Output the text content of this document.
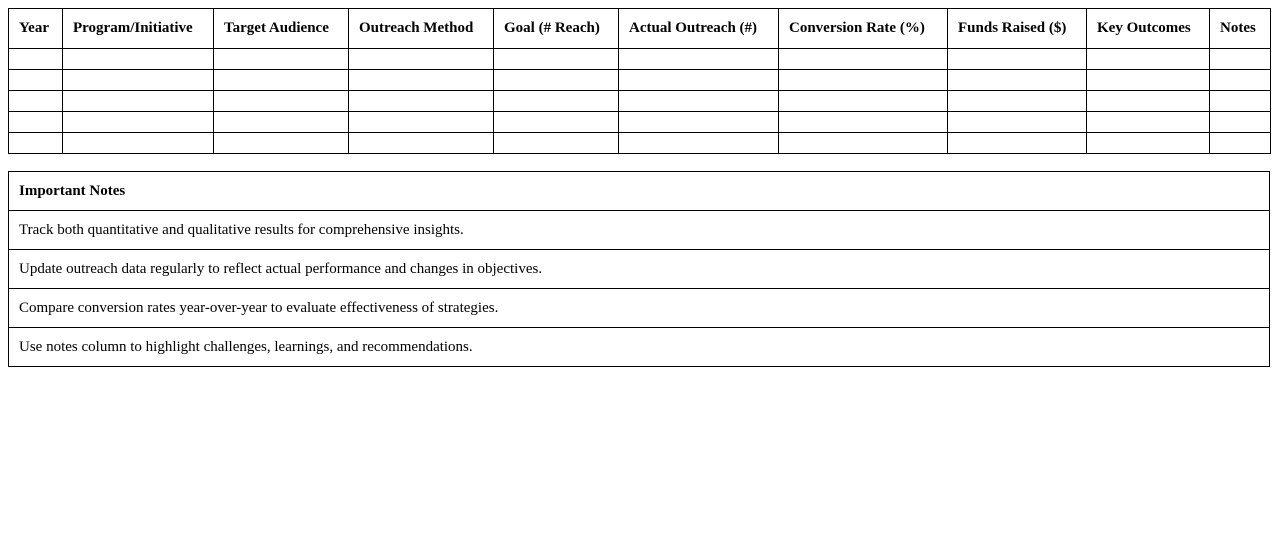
Year	Program/Initiative	Target Audience	Outreach Method	Goal (# Reach)	Actual Outreach (#)	Conversion Rate (%)	Funds Raised ($)	Key Outcomes	Notes

Important Notes
Track both quantitative and qualitative results for comprehensive insights.
Update outreach data regularly to reflect actual performance and changes in objectives.
Compare conversion rates year-over-year to evaluate effectiveness of strategies.
Use notes column to highlight challenges, learnings, and recommendations.
